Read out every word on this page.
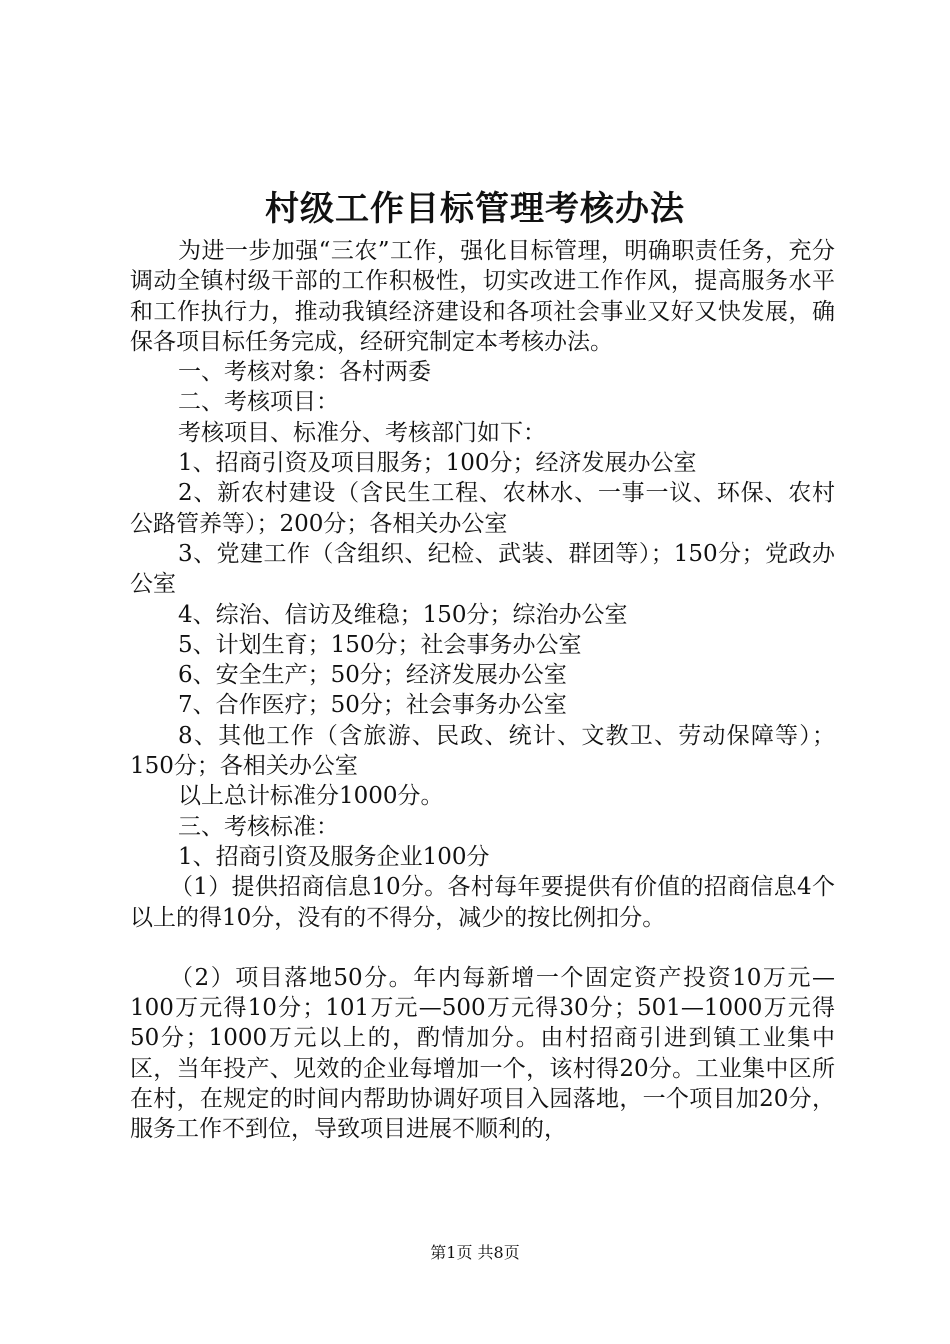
村级工作目标管理考核办法

为进一步加强“三农”工作，强化目标管理，明确职责任务，充分调动全镇村级干部的工作积极性，切实改进工作作风，提高服务水平和工作执行力，推动我镇经济建设和各项社会事业又好又快发展，确保各项目标任务完成，经研究制定本考核办法。

一、考核对象：各村两委

二、考核项目：

考核项目、标准分、考核部门如下：

1、招商引资及项目服务；100分；经济发展办公室

2、新农村建设（含民生工程、农林水、一事一议、环保、农村公路管养等）；200分；各相关办公室

3、党建工作（含组织、纪检、武装、群团等）；150分；党政办公室

4、综治、信访及维稳；150分；综治办公室

5、计划生育；150分；社会事务办公室

6、安全生产；50分；经济发展办公室

7、合作医疗；50分；社会事务办公室

8、其他工作（含旅游、民政、统计、文教卫、劳动保障等）；150分；各相关办公室

以上总计标准分1000分。

三、考核标准：

1、招商引资及服务企业100分

（1）提供招商信息10分。各村每年要提供有价值的招商信息4个以上的得10分，没有的不得分，减少的按比例扣分。

（2）项目落地50分。年内每新增一个固定资产投资10万元—100万元得10分；101万元—500万元得30分；501—1000万元得50分；1000万元以上的，酌情加分。由村招商引进到镇工业集中区，当年投产、见效的企业每增加一个，该村得20分。工业集中区所在村，在规定的时间内帮助协调好项目入园落地，一个项目加20分，服务工作不到位，导致项目进展不顺利的，

第1页 共8页
